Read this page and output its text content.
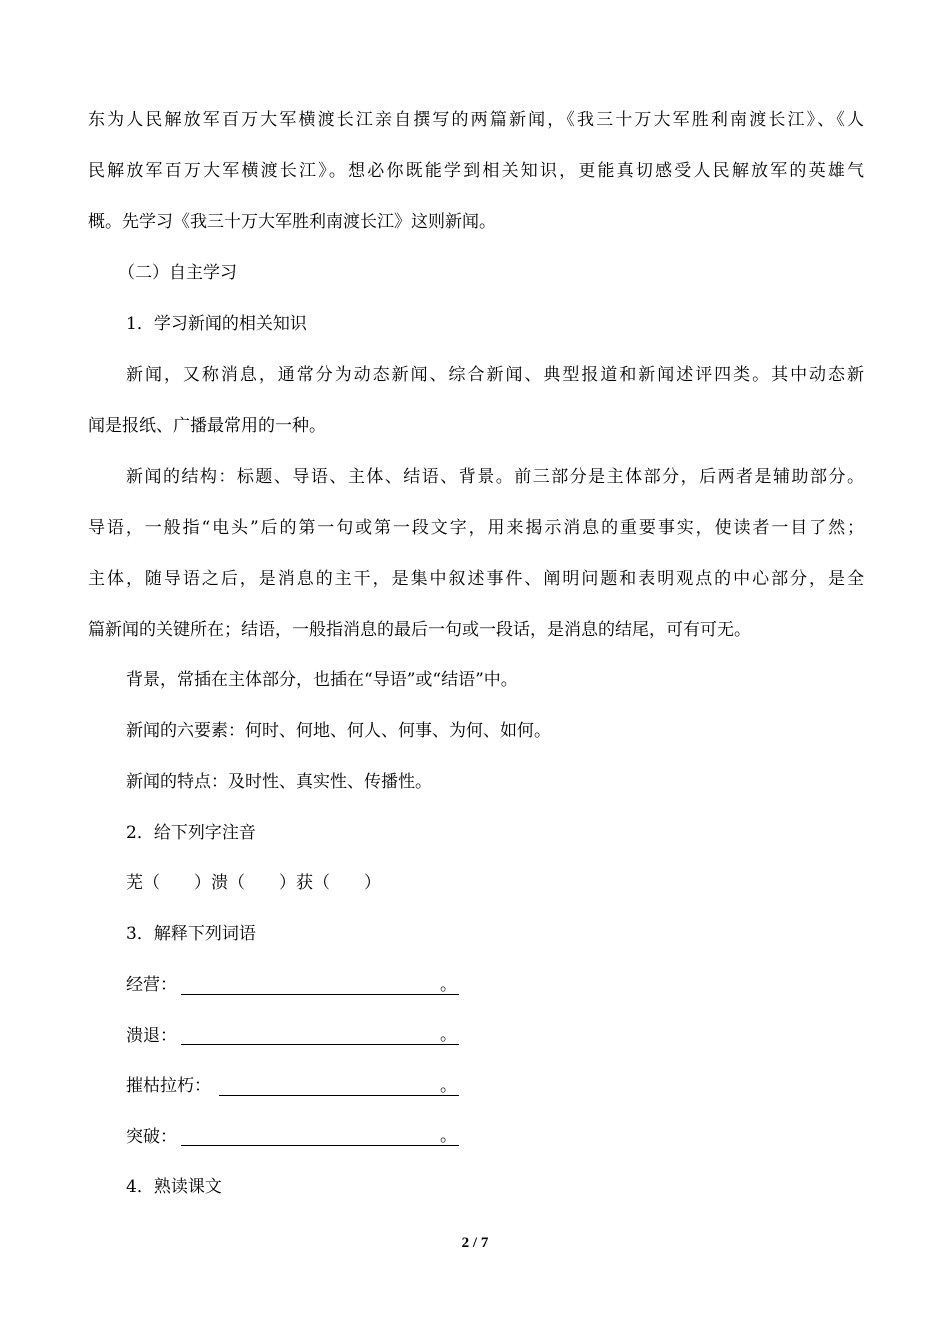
东为人民解放军百万大军横渡长江亲自撰写的两篇新闻，《我三十万大军胜利南渡长江》、《人
民解放军百万大军横渡长江》。想必你既能学到相关知识，更能真切感受人民解放军的英雄气
概。先学习《我三十万大军胜利南渡长江》这则新闻。
（二）自主学习
1．学习新闻的相关知识
新闻，又称消息，通常分为动态新闻、综合新闻、典型报道和新闻述评四类。其中动态新
闻是报纸、广播最常用的一种。
新闻的结构：标题、导语、主体、结语、背景。前三部分是主体部分，后两者是辅助部分。
导语，一般指“电头”后的第一句或第一段文字，用来揭示消息的重要事实，使读者一目了然；
主体，随导语之后，是消息的主干，是集中叙述事件、阐明问题和表明观点的中心部分，是全
篇新闻的关键所在；结语，一般指消息的最后一句或一段话，是消息的结尾，可有可无。
背景，常插在主体部分，也插在“导语”或“结语”中。
新闻的六要素：何时、何地、何人、何事、为何、如何。
新闻的特点：及时性、真实性、传播性。
2．给下列字注音
芜（　　）溃（　　）获（　　）
3．解释下列词语
经营：	。
溃退：	。
摧枯拉朽：	。
突破：	。
4．熟读课文
2 / 7
